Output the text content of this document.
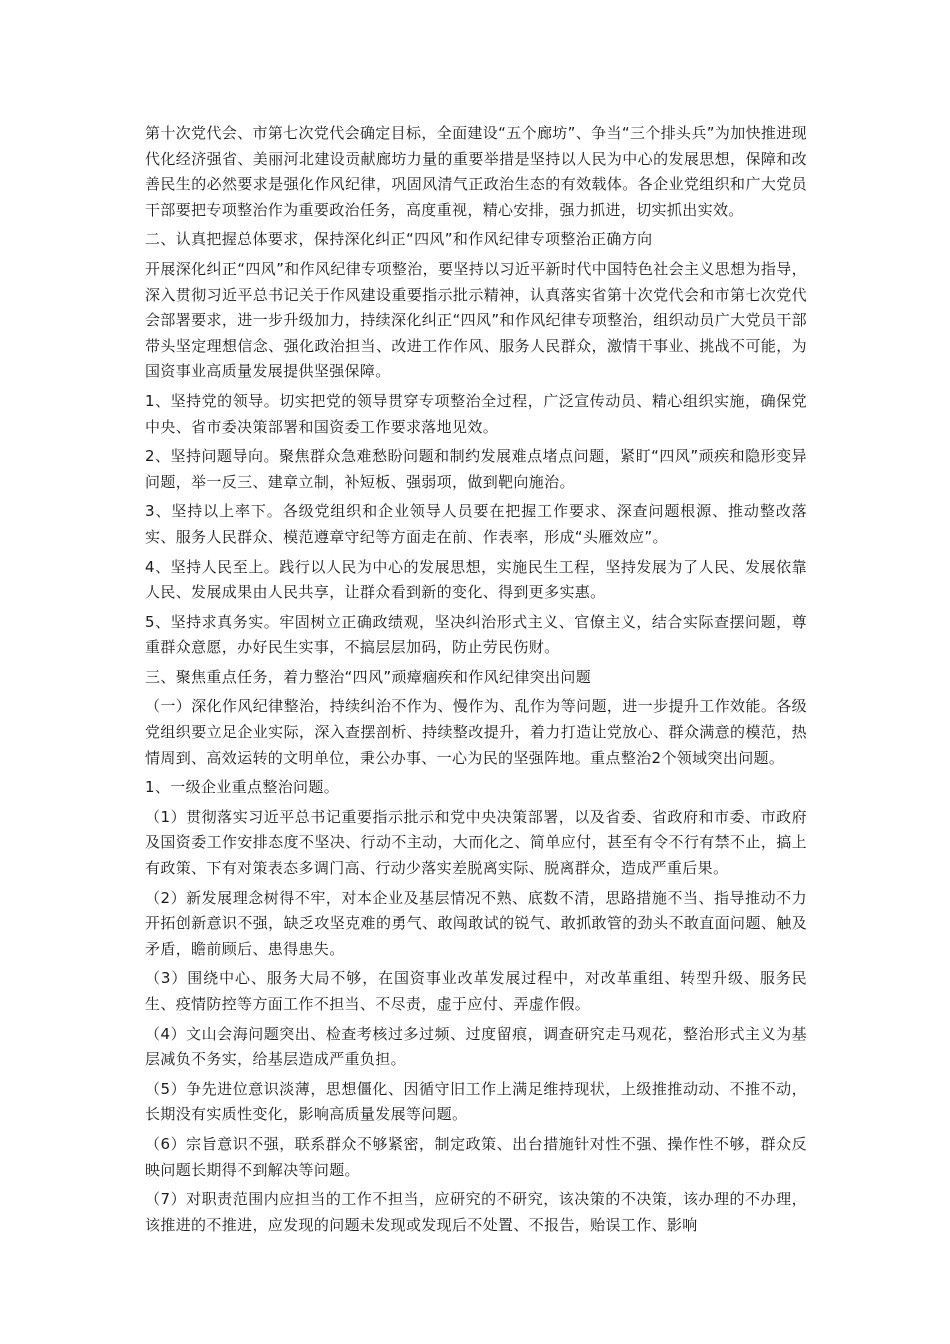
第十次党代会、市第七次党代会确定目标，全面建设“五个廊坊”、争当“三个排头兵”为加快推进现代化经济强省、美丽河北建设贡献廊坊力量的重要举措是坚持以人民为中心的发展思想，保障和改善民生的必然要求是强化作风纪律，巩固风清气正政治生态的有效载体。各企业党组织和广大党员干部要把专项整治作为重要政治任务，高度重视，精心安排，强力抓进，切实抓出实效。

二、认真把握总体要求，保持深化纠正“四风”和作风纪律专项整治正确方向

开展深化纠正“四风”和作风纪律专项整治，要坚持以习近平新时代中国特色社会主义思想为指导，深入贯彻习近平总书记关于作风建设重要指示批示精神，认真落实省第十次党代会和市第七次党代会部署要求，进一步升级加力，持续深化纠正“四风”和作风纪律专项整治，组织动员广大党员干部带头坚定理想信念、强化政治担当、改进工作作风、服务人民群众，激情干事业、挑战不可能，为国资事业高质量发展提供坚强保障。

1、坚持党的领导。切实把党的领导贯穿专项整治全过程，广泛宣传动员、精心组织实施，确保党中央、省市委决策部署和国资委工作要求落地见效。

2、坚持问题导向。聚焦群众急难愁盼问题和制约发展难点堵点问题，紧盯“四风”顽疾和隐形变异问题，举一反三、建章立制，补短板、强弱项，做到靶向施治。

3、坚持以上率下。各级党组织和企业领导人员要在把握工作要求、深查问题根源、推动整改落实、服务人民群众、模范遵章守纪等方面走在前、作表率，形成“头雁效应”。

4、坚持人民至上。践行以人民为中心的发展思想，实施民生工程，坚持发展为了人民、发展依靠人民、发展成果由人民共享，让群众看到新的变化、得到更多实惠。

5、坚持求真务实。牢固树立正确政绩观，坚决纠治形式主义、官僚主义，结合实际查摆问题，尊重群众意愿，办好民生实事，不搞层层加码，防止劳民伤财。

三、聚焦重点任务，着力整治“四风”顽瘴痼疾和作风纪律突出问题

（一）深化作风纪律整治，持续纠治不作为、慢作为、乱作为等问题，进一步提升工作效能。各级党组织要立足企业实际，深入查摆剖析、持续整改提升，着力打造让党放心、群众满意的模范，热情周到、高效运转的文明单位，秉公办事、一心为民的坚强阵地。重点整治2个领域突出问题。

1、一级企业重点整治问题。

（1）贯彻落实习近平总书记重要指示批示和党中央决策部署，以及省委、省政府和市委、市政府及国资委工作安排态度不坚决、行动不主动，大而化之、简单应付，甚至有令不行有禁不止，搞上有政策、下有对策表态多调门高、行动少落实差脱离实际、脱离群众，造成严重后果。

（2）新发展理念树得不牢，对本企业及基层情况不熟、底数不清，思路措施不当、指导推动不力开拓创新意识不强，缺乏攻坚克难的勇气、敢闯敢试的锐气、敢抓敢管的劲头不敢直面问题、触及矛盾，瞻前顾后、患得患失。

（3）围绕中心、服务大局不够，在国资事业改革发展过程中，对改革重组、转型升级、服务民生、疫情防控等方面工作不担当、不尽责，虚于应付、弄虚作假。

（4）文山会海问题突出、检查考核过多过频、过度留痕，调查研究走马观花，整治形式主义为基层减负不务实，给基层造成严重负担。

（5）争先进位意识淡薄，思想僵化、因循守旧工作上满足维持现状，上级推推动动、不推不动，长期没有实质性变化，影响高质量发展等问题。

（6）宗旨意识不强，联系群众不够紧密，制定政策、出台措施针对性不强、操作性不够，群众反映问题长期得不到解决等问题。

（7）对职责范围内应担当的工作不担当，应研究的不研究，该决策的不决策，该办理的不办理，该推进的不推进，应发现的问题未发现或发现后不处置、不报告，贻误工作、影响
